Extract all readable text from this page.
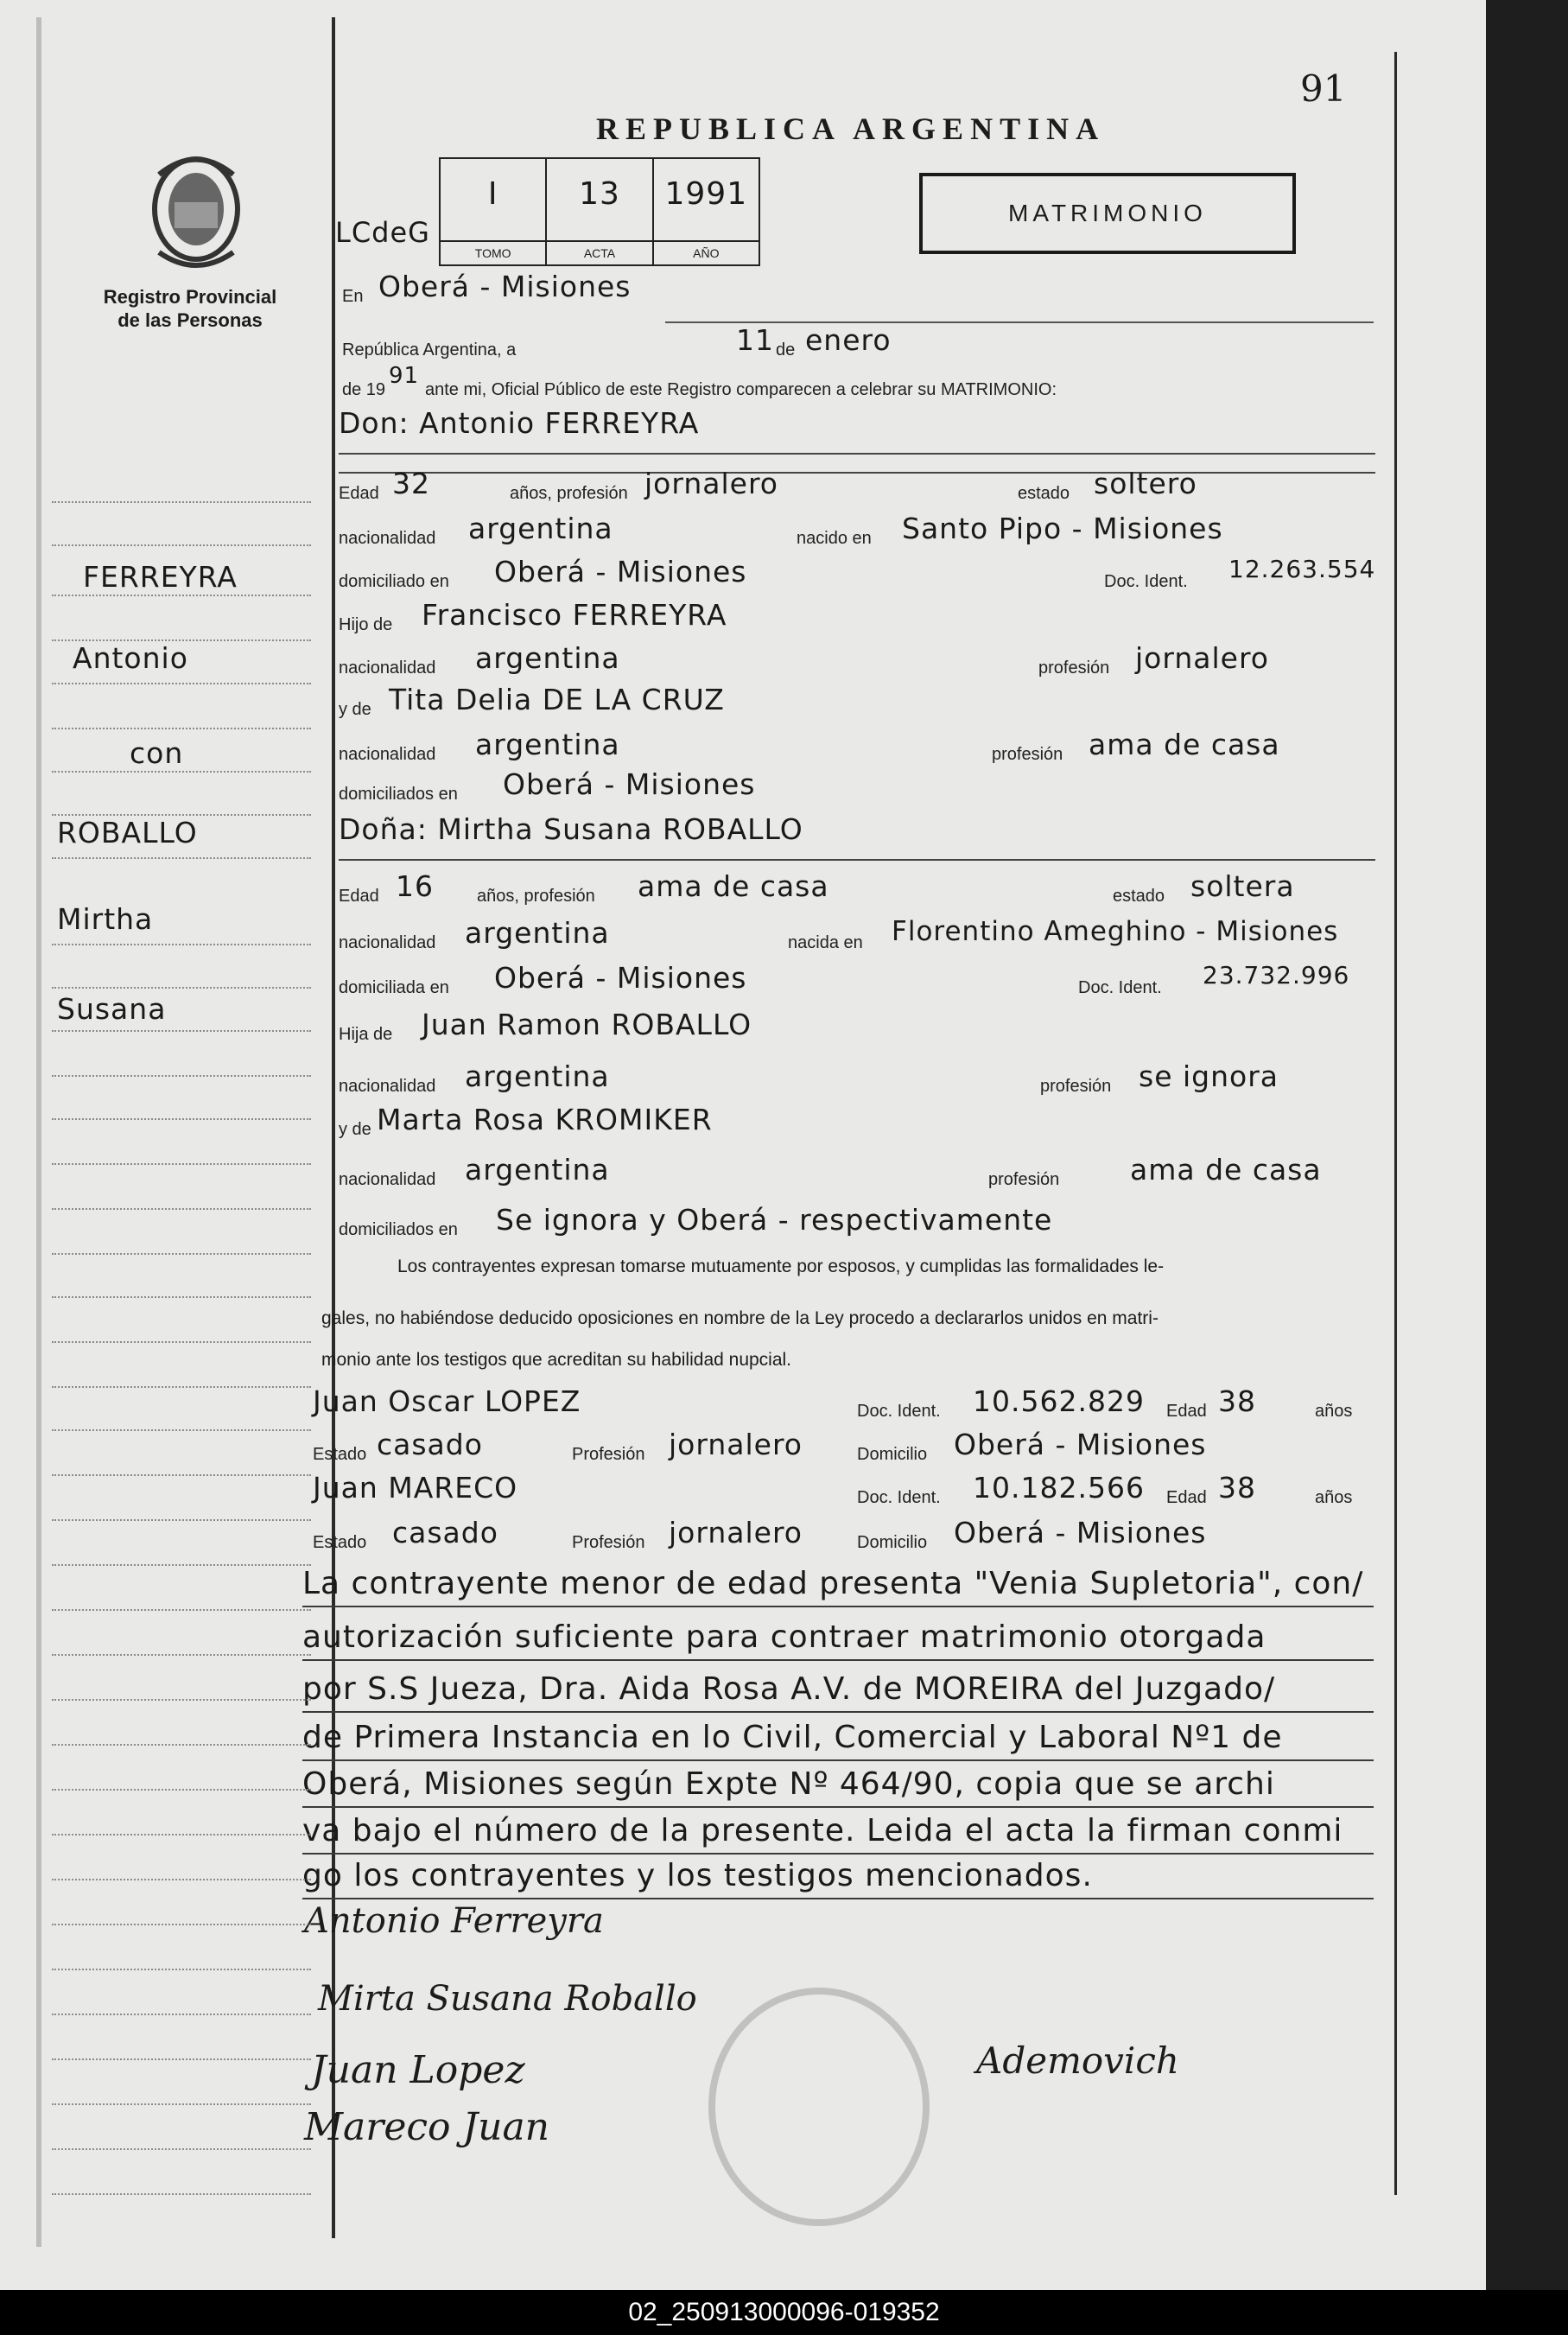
91
REPUBLICA ARGENTINA
Registro Provincial
de las Personas
LCdeG
I
TOMO
13
ACTA
1991
AÑO
MATRIMONIO
En Oberá - Misiones
República Argentina, a	11 de enero
de 19
91
ante mi, Oficial Público de este Registro comparecen a celebrar su MATRIMONIO:
Don: Antonio FERREYRA
Edad 32	años, profesión jornalero	estado soltero
nacionalidad argentina	nacido en Santo Pipo - Misiones
domiciliado en Oberá - Misiones	Doc. Ident. 12.263.554
Hijo de Francisco FERREYRA
nacionalidad argentina	profesión jornalero
y de Tita Delia DE LA CRUZ
nacionalidad argentina	profesión ama de casa
domiciliados en Oberá - Misiones
Doña: Mirtha Susana ROBALLO
Edad 16	años, profesión ama de casa	estado soltera
nacionalidad argentina	nacida en Florentino Ameghino - Misiones
domiciliada en Oberá - Misiones	Doc. Ident. 23.732.996
Hija de Juan Ramon ROBALLO
nacionalidad argentina	profesión se ignora
y de Marta Rosa KROMIKER
nacionalidad argentina	profesión ama de casa
domiciliados en Se ignora y Oberá - respectivamente
Los contrayentes expresan tomarse mutuamente por esposos, y cumplidas las formalidades le-
gales, no habiéndose deducido oposiciones en nombre de la Ley procedo a declararlos unidos en matri-
monio ante los testigos que acreditan su habilidad nupcial.
Juan Oscar LOPEZ	Doc. Ident. 10.562.829 Edad 38	años
Estado casado	Profesión jornalero	Domicilio Oberá - Misiones
Juan MARECO	Doc. Ident. 10.182.566 Edad 38	años
Estado casado	Profesión jornalero	Domicilio Oberá - Misiones
La contrayente menor de edad presenta "Venia Supletoria", con/
autorización suficiente para contraer matrimonio otorgada
por S.S Jueza, Dra. Aida Rosa A.V. de MOREIRA del Juzgado/
de Primera Instancia en lo Civil, Comercial y Laboral Nº1 de
Oberá, Misiones según Expte Nº 464/90, copia que se archi
va bajo el número de la presente. Leida el acta la firman conmi
go los contrayentes y los testigos mencionados.
Antonio Ferreyra
Mirta Susana Roballo
Juan Lopez
Mareco Juan
Ademovich
FERREYRA
Antonio
con
ROBALLO
Mirtha
Susana
02_250913000096-019352
